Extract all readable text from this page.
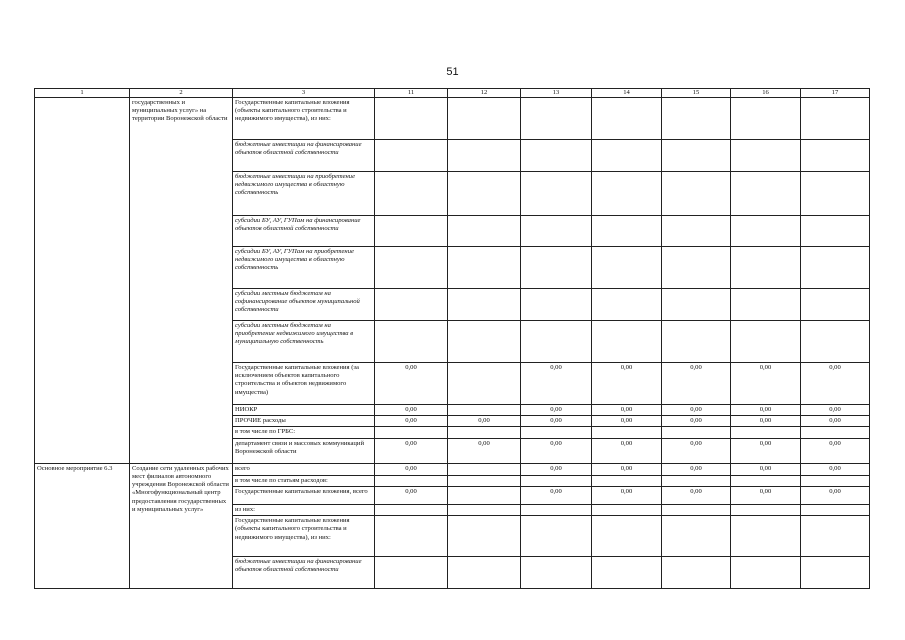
51
1	2	3	11	12	13	14	15	16	17
	государственных и муниципальных услуг» на территории Воронежской области	Государственные капитальные вложения (объекты капитального строительства и недвижимого имущества), из них:							
		бюджетные инвестиции на финансирование объектов областной собственности							
		бюджетные инвестиции на приобретение недвижимого имущества в областную собственность							
		субсидии БУ, АУ, ГУПам на финансирование объектов областной собственности							
		субсидии БУ, АУ, ГУПам на приобретение недвижимого имущества в областную собственность							
		субсидии местным бюджетам на софинансирование объектов муниципальной собственности							
		субсидии местным бюджетам на приобретение недвижимого имущества в муниципальную собственность							
		Государственные капитальные вложения (за исключением объектов капитального строительства и объектов недвижимого имущества)	0,00		0,00	0,00	0,00	0,00	0,00
		НИОКР	0,00		0,00	0,00	0,00	0,00	0,00
		ПРОЧИЕ расходы	0,00	0,00	0,00	0,00	0,00	0,00	0,00
		в том числе по ГРБС:							
		департамент связи и массовых коммуникаций Воронежской области	0,00	0,00	0,00	0,00	0,00	0,00	0,00
Основное мероприятие 6.3	Создание сети удаленных рабочих мест филиалов автономного учреждения Воронежской области «Многофункциональный центр предоставления государственных и муниципальных услуг»	всего	0,00		0,00	0,00	0,00	0,00	0,00
		в том числе по статьям расходов:							
		Государственные капитальные вложения, всего	0,00		0,00	0,00	0,00	0,00	0,00
		из них:							
		Государственные капитальные вложения (объекты капитального строительства и недвижимого имущества), из них:							
		бюджетные инвестиции на финансирование объектов областной собственности							
